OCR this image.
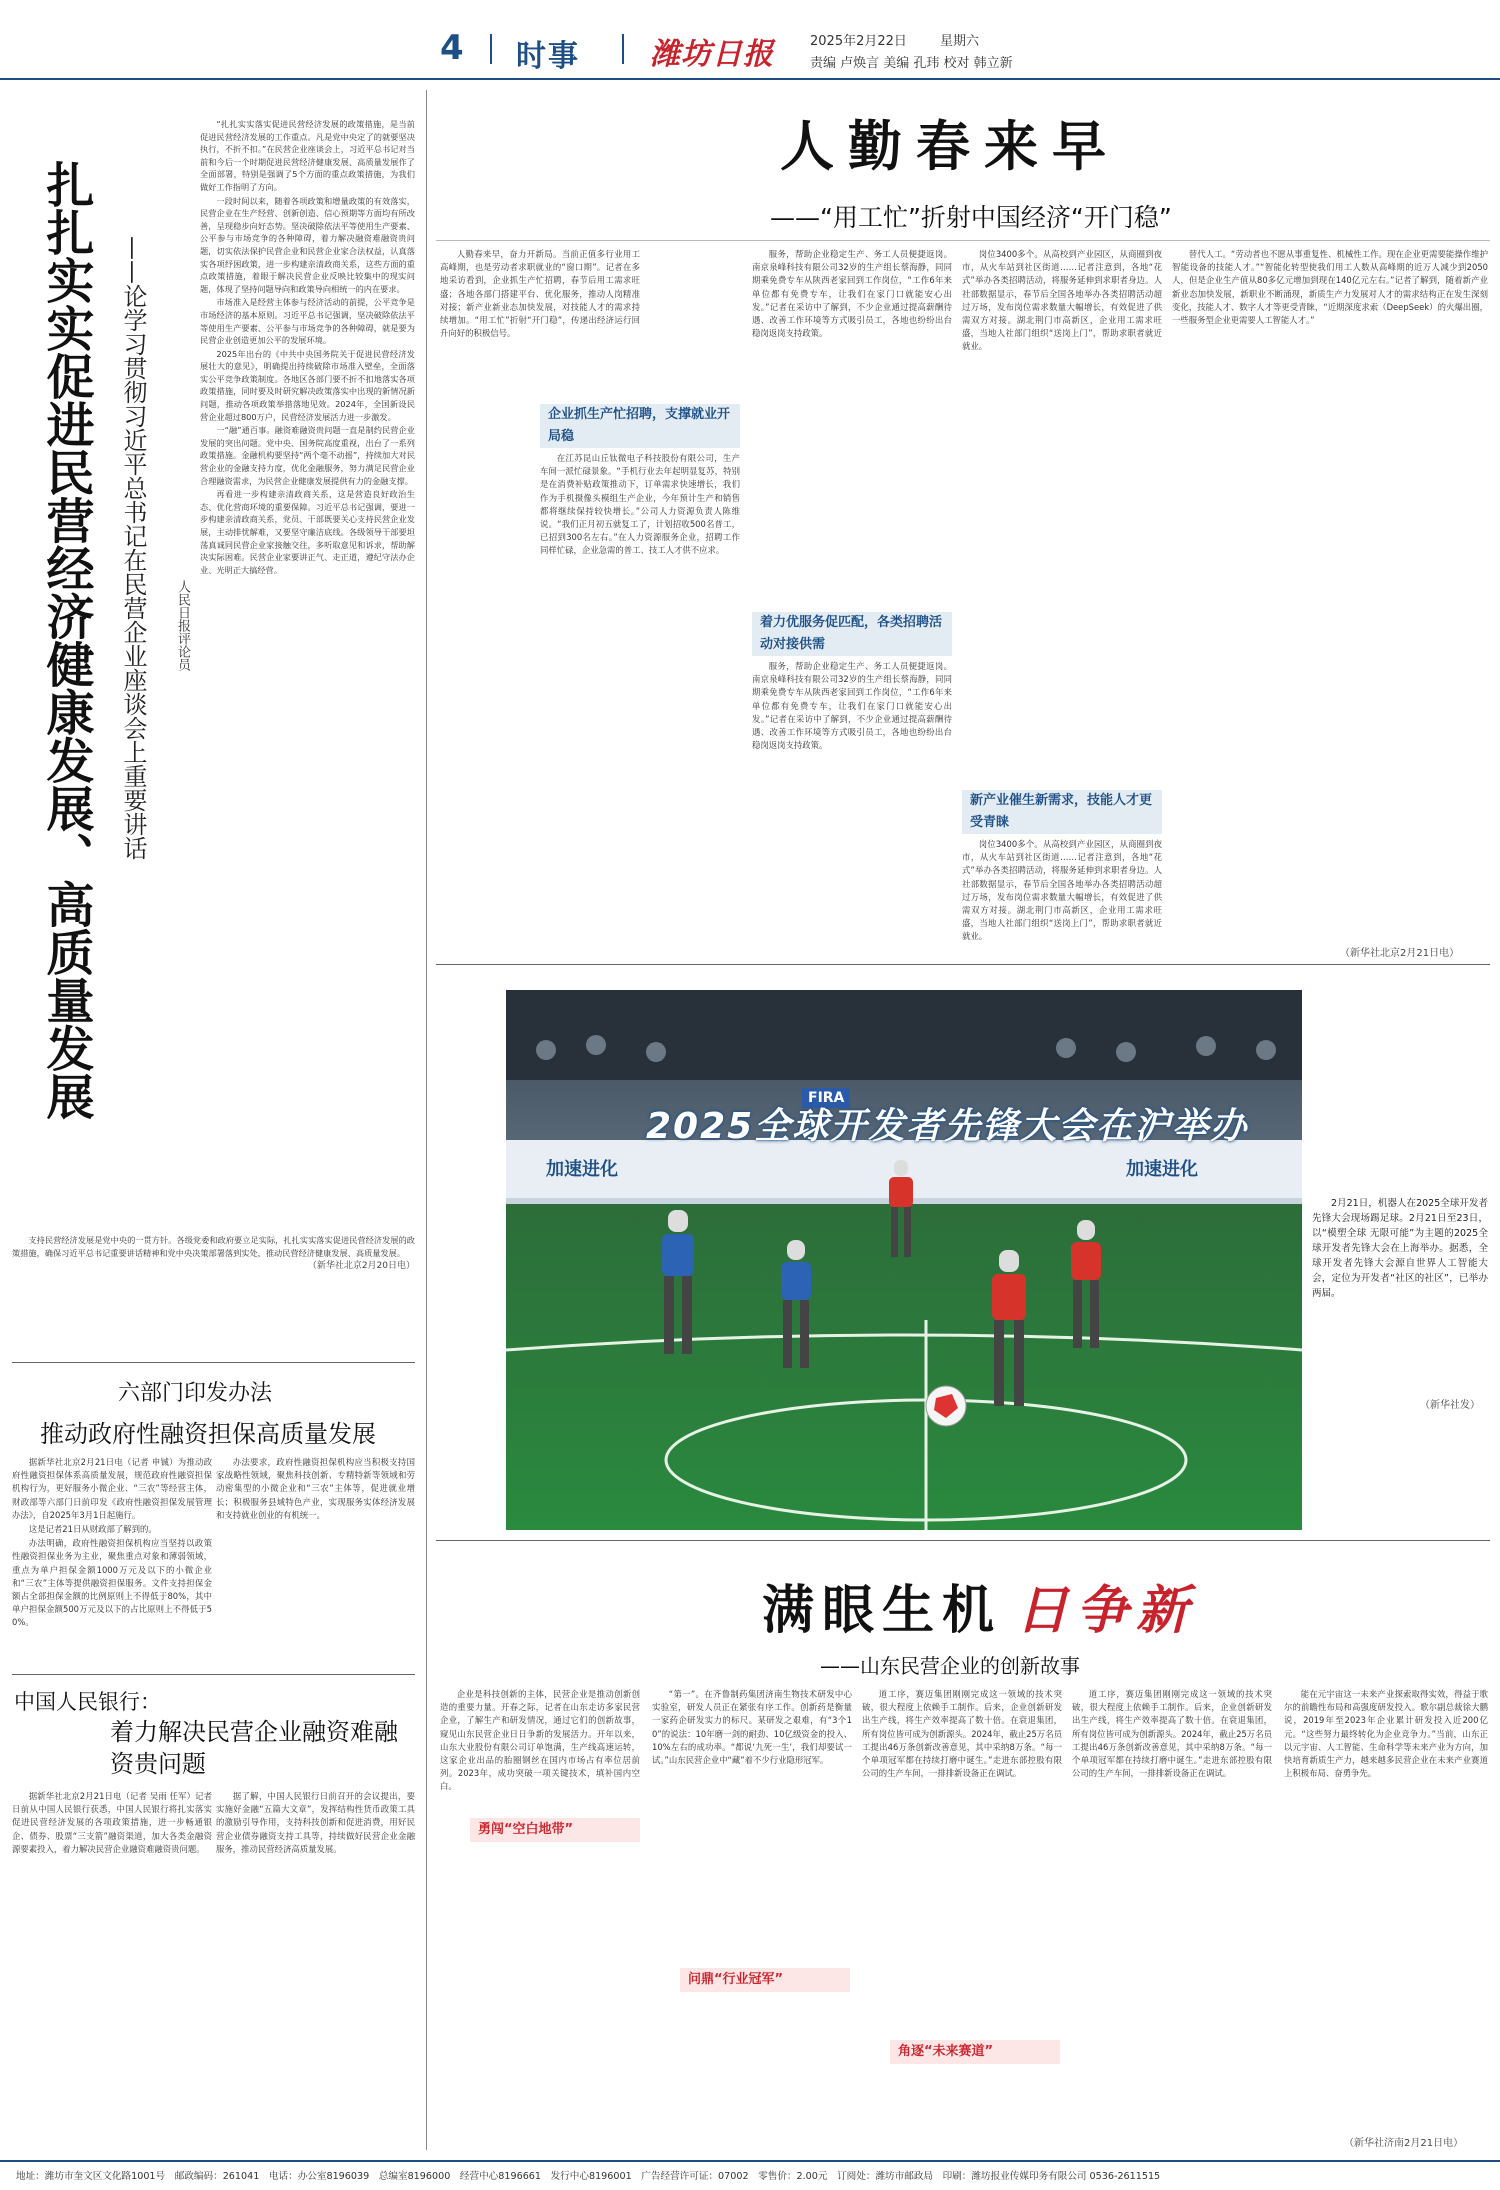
4 时事 潍坊日报	2025年2月22日	星期六
责编 卢焕言 美编 孔玮 校对 韩立新
扎扎实实促进民营经济健康发展、高质量发展 ——论学习贯彻习近平总书记在民营企业座谈会上重要讲话	人民日报评论员

“扎扎实实落实促进民营经济发展的政策措施，是当前促进民营经济发展的工作重点。凡是党中央定了的就要坚决执行，不折不扣。”在民营企业座谈会上，习近平总书记对当前和今后一个时期促进民营经济健康发展、高质量发展作了全面部署，特别是强调了5个方面的重点政策措施，为我们做好工作指明了方向。

一段时间以来，随着各项政策和增量政策的有效落实，民营企业在生产经营、创新创造、信心预期等方面均有所改善，呈现稳步向好态势。坚决破除依法平等使用生产要素、公平参与市场竞争的各种障碍，着力解决融资难融资贵问题，切实依法保护民营企业和民营企业家合法权益，认真落实各项纾困政策，进一步构建亲清政商关系，这些方面的重点政策措施，着眼于解决民营企业反映比较集中的现实问题，体现了坚持问题导向和政策导向相统一的内在要求。

市场准入是经营主体参与经济活动的前提，公平竞争是市场经济的基本原则。习近平总书记强调，坚决破除依法平等使用生产要素、公平参与市场竞争的各种障碍，就是要为民营企业创造更加公平的发展环境。

2025年出台的《中共中央国务院关于促进民营经济发展壮大的意见》，明确提出持续破除市场准入壁垒，全面落实公平竞争政策制度。各地区各部门要不折不扣地落实各项政策措施，同时要及时研究解决政策落实中出现的新情况新问题，推动各项政策举措落地见效。2024年，全国新设民营企业超过800万户，民营经济发展活力进一步激发。

一“融”通百事。融资难融资贵问题一直是制约民营企业发展的突出问题。党中央、国务院高度重视，出台了一系列政策措施。金融机构要坚持“两个毫不动摇”，持续加大对民营企业的金融支持力度，优化金融服务，努力满足民营企业合理融资需求，为民营企业健康发展提供有力的金融支撑。

再看进一步构建亲清政商关系，这是营造良好政治生态、优化营商环境的重要保障。习近平总书记强调，要进一步构建亲清政商关系，党员、干部既要关心支持民营企业发展，主动排忧解难，又要坚守廉洁底线。各级领导干部要坦荡真诚同民营企业家接触交往，多听取意见和诉求，帮助解决实际困难。民营企业家要讲正气、走正道，遵纪守法办企业、光明正大搞经营。

支持民营经济发展是党中央的一贯方针。各级党委和政府要立足实际，扎扎实实落实促进民营经济发展的政策措施，确保习近平总书记重要讲话精神和党中央决策部署落到实处，推动民营经济健康发展、高质量发展。

（新华社北京2月20日电）

六部门印发办法
推动政府性融资担保高质量发展

据新华社北京2月21日电（记者 申铖）为推动政府性融资担保体系高质量发展，规范政府性融资担保机构行为，更好服务小微企业、“三农”等经营主体，财政部等六部门日前印发《政府性融资担保发展管理办法》，自2025年3月1日起施行。

这是记者21日从财政部了解到的。

办法明确，政府性融资担保机构应当坚持以政策性融资担保业务为主业，聚焦重点对象和薄弱领域，重点为单户担保金额1000万元及以下的小微企业和“三农”主体等提供融资担保服务。文件支持担保金额占全部担保金额的比例原则上不得低于80%，其中单户担保金额500万元及以下的占比原则上不得低于50%。

办法要求，政府性融资担保机构应当积极支持国家战略性领域，聚焦科技创新、专精特新等领域和劳动密集型的小微企业和“三农”主体等，促进就业增长；积极服务县域特色产业，实现服务实体经济发展和支持就业创业的有机统一。

中国人民银行：
着力解决民营企业融资难融资贵问题

据新华社北京2月21日电（记者 吴雨 任军）记者日前从中国人民银行获悉，中国人民银行将扎实落实促进民营经济发展的各项政策措施，进一步畅通银企、债券、股票“三支箭”融资渠道，加大各类金融资源要素投入，着力解决民营企业融资难融资贵问题。

据了解，中国人民银行日前召开的会议提出，要实施好金融“五篇大文章”，发挥结构性货币政策工具的激励引导作用，支持科技创新和促进消费，用好民营企业债券融资支持工具等，持续做好民营企业金融服务，推动民营经济高质量发展。

人勤春来早
——“用工忙”折射中国经济“开门稳”

人勤春来早，奋力开新局。当前正值多行业用工高峰期，也是劳动者求职就业的“窗口期”。记者在多地采访看到，企业抓生产忙招聘，春节后用工需求旺盛；各地各部门搭建平台、优化服务，推动人岗精准对接；新产业新业态加快发展，对技能人才的需求持续增加。“用工忙”折射“开门稳”，传递出经济运行回升向好的积极信号。

企业抓生产忙招聘，支撑就业开局稳

在江苏昆山丘钛微电子科技股份有限公司，生产车间一派忙碌景象。“手机行业去年起明显复苏，特别是在消费补贴政策推动下，订单需求快速增长，我们作为手机摄像头模组生产企业，今年预计生产和销售都将继续保持较快增长。”公司人力资源负责人陈维说。“我们正月初五就复工了，计划招收500名普工，已招到300名左右。”在人力资源服务企业，招聘工作同样忙碌，企业急需的普工、技工人才供不应求。

服务，帮助企业稳定生产、务工人员便捷返岗。南京泉峰科技有限公司32岁的生产组长蔡海静，同同期乘免费专车从陕西老家回到工作岗位，“工作6年来单位都有免费专车，让我们在家门口就能安心出发。”记者在采访中了解到，不少企业通过提高薪酬待遇、改善工作环境等方式吸引员工，各地也纷纷出台稳岗返岗支持政策。

着力优服务促匹配，各类招聘活动对接供需

服务，帮助企业稳定生产、务工人员便捷返岗。南京泉峰科技有限公司32岁的生产组长蔡海静，同同期乘免费专车从陕西老家回到工作岗位，“工作6年来单位都有免费专车，让我们在家门口就能安心出发。”记者在采访中了解到，不少企业通过提高薪酬待遇、改善工作环境等方式吸引员工，各地也纷纷出台稳岗返岗支持政策。

岗位3400多个。从高校到产业园区，从商圈到夜市，从火车站到社区街道……记者注意到，各地“花式”举办各类招聘活动，将服务延伸到求职者身边。人社部数据显示，春节后全国各地举办各类招聘活动超过万场，发布岗位需求数量大幅增长，有效促进了供需双方对接。湖北荆门市高新区，企业用工需求旺盛，当地人社部门组织“送岗上门”，帮助求职者就近就业。

新产业催生新需求，技能人才更受青睐

岗位3400多个。从高校到产业园区，从商圈到夜市，从火车站到社区街道……记者注意到，各地“花式”举办各类招聘活动，将服务延伸到求职者身边。人社部数据显示，春节后全国各地举办各类招聘活动超过万场，发布岗位需求数量大幅增长，有效促进了供需双方对接。湖北荆门市高新区，企业用工需求旺盛，当地人社部门组织“送岗上门”，帮助求职者就近就业。

替代人工。“劳动者也不愿从事重复性、机械性工作。现在企业更需要能操作维护智能设备的技能人才。”“智能化转型使我们用工人数从高峰期的近万人减少到2050人，但是企业生产值从80多亿元增加到现在140亿元左右。”记者了解到，随着新产业新业态加快发展，新职业不断涌现，新质生产力发展对人才的需求结构正在发生深刻变化，技能人才、数字人才等更受青睐，“近期深度求索（DeepSeek）的火爆出圈，一些服务型企业更需要人工智能人才。”

（新华社北京2月21日电）
加速进化	加速进化
FIRA
2025全球开发者先锋大会在沪举办

2月21日，机器人在2025全球开发者先锋大会现场踢足球。2月21日至23日，以“模塑全球 无限可能”为主题的2025全球开发者先锋大会在上海举办。据悉，全球开发者先锋大会源自世界人工智能大会，定位为开发者“社区的社区”，已举办两届。

（新华社发）
满眼生机 日争新
——山东民营企业的创新故事

企业是科技创新的主体，民营企业是推动创新创造的重要力量。开春之际，记者在山东走访多家民营企业，了解生产和研发情况，通过它们的创新故事，窥见山东民营企业日日争新的发展活力。开年以来，山东大业股份有限公司订单饱满，生产线高速运转，这家企业出品的胎圈钢丝在国内市场占有率位居前列。2023年，成功突破一项关键技术，填补国内空白。

勇闯“空白地带”

“第一”。在齐鲁制药集团济南生物技术研发中心实验室，研发人员正在紧张有序工作。创新药是衡量一家药企研发实力的标尺。某研发之艰难，有“3个10”的说法：10年磨一剑的耐劲、10亿级资金的投入、10%左右的成功率。“都说‘九死一生’，我们却要试一试。”山东民营企业中“藏”着不少行业隐形冠军。

问鼎“行业冠军”

道工序，赛迈集团刚刚完成这一领域的技术突破，很大程度上依赖手工制作。后来，企业创新研发出生产线，将生产效率提高了数十倍。在衰退集团，所有岗位皆可成为创新源头。2024年，截止25万名员工提出46万条创新改善意见，其中采纳8万条。“每一个单项冠军都在持续打磨中诞生。”走进东部控股有限公司的生产车间，一排排新设备正在调试。

角逐“未来赛道”

道工序，赛迈集团刚刚完成这一领域的技术突破，很大程度上依赖手工制作。后来，企业创新研发出生产线，将生产效率提高了数十倍。在衰退集团，所有岗位皆可成为创新源头。2024年，截止25万名员工提出46万条创新改善意见，其中采纳8万条。“每一个单项冠军都在持续打磨中诞生。”走进东部控股有限公司的生产车间，一排排新设备正在调试。

能在元宇宙这一未来产业探索取得实效，得益于歌尔的前瞻性布局和高强度研发投入。歌尔副总裁徐大鹏说，2019年至2023年企业累计研发投入近200亿元。“这些努力最终转化为企业竞争力。”当前，山东正以元宇宙、人工智能、生命科学等未来产业为方向，加快培育新质生产力，越来越多民营企业在未来产业赛道上积极布局、奋勇争先。

（新华社济南2月21日电）
地址：潍坊市奎文区文化路1001号　邮政编码：261041　电话：办公室8196039　总编室8196000　经营中心8196661　发行中心8196001　广告经营许可证：07002　零售价：2.00元　订阅处：潍坊市邮政局　印刷：潍坊报业传媒印务有限公司 0536-2611515
